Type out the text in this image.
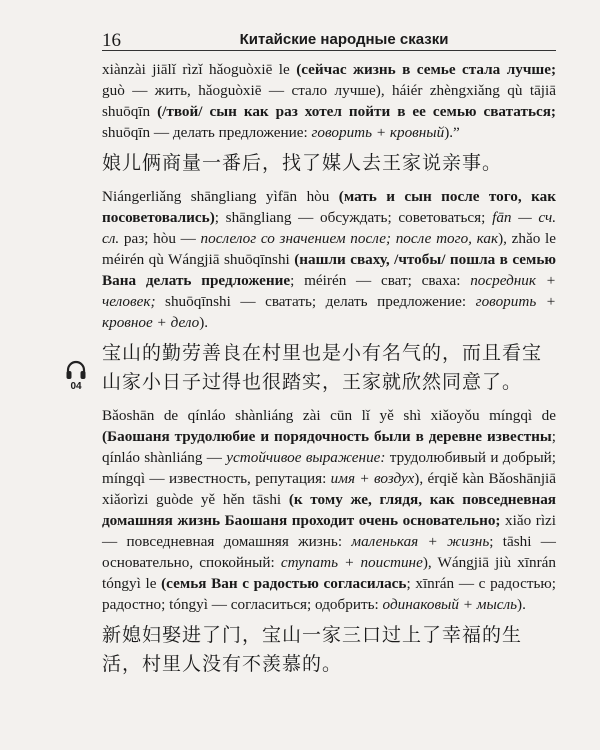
16	Китайские народные сказки

xiànzài jiālǐ rìzǐ hǎoguòxiē le (сейчас жизнь в семье стала лучше; guò — жить, hǎoguòxiē — стало лучше), háiér zhèngxiǎng qù tājiā shuōqīn (/твой/ сын как раз хотел пойти в ее семью свататься; shuōqīn — делать предложение: говорить + кровный).”

娘儿俩商量一番后，找了媒人去王家说亲事。

Niángerliǎng shāngliang yìfān hòu (мать и сын после того, как посоветовались); shāngliang — обсуждать; советоваться; fān — сч. сл. раз; hòu — послелог со значением после; после того, как), zhǎo le méirén qù Wángjiā shuōqīnshi (нашли сваху, /чтобы/ пошла в семью Вана делать предложение; méirén — сват; сваха: посредник + человек; shuōqīnshi — сватать; делать предложение: говорить + кровное + дело).

宝山的勤劳善良在村里也是小有名气的，而且看宝山家小日子过得也很踏实，王家就欣然同意了。

Bǎoshān de qínláo shànliáng zài cūn lǐ yě shì xiǎoyǒu míngqì de (Баошаня трудолюбие и порядочность были в деревне известны; qínláo shànliáng — устойчивое выражение: трудолюбивый и добрый; míngqì — известность, репутация: имя + воздух), érqiě kàn Bǎoshānjiā xiǎorìzi guòde yě hěn tāshi (к тому же, глядя, как повседневная домашняя жизнь Баошаня проходит очень основательно; xiǎo rìzi — повседневная домашняя жизнь: маленькая + жизнь; tāshi — основательно, спокойный: ступать + поистине), Wángjiā jiù xīnrán tóngyì le (семья Ван с радостью согласилась; xīnrán — с радостью; радостно; tóngyì — согласиться; одобрить: одинаковый + мысль).

新媳妇娶进了门，宝山一家三口过上了幸福的生活，村里人没有不羡慕的。

04
